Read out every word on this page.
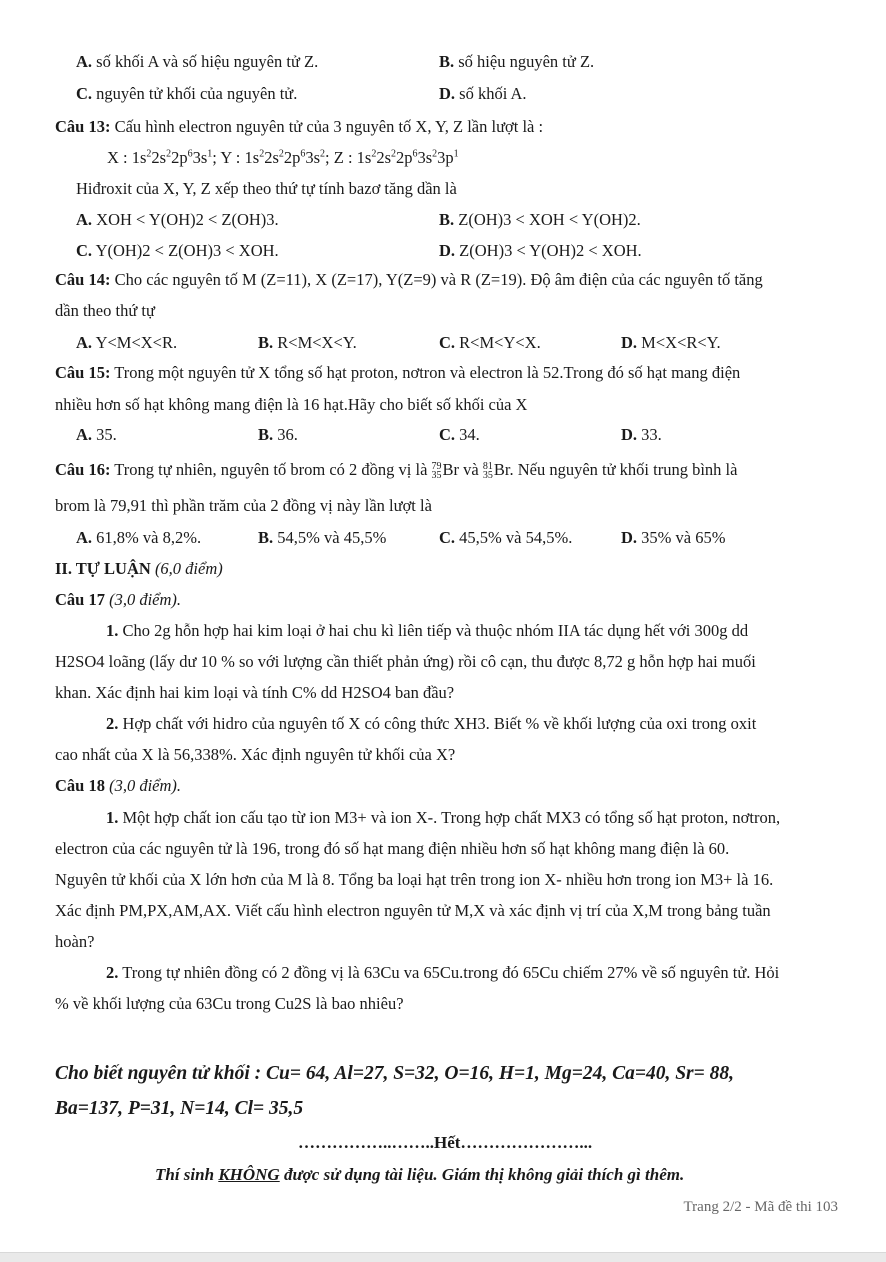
A. số khối A và số hiệu nguyên tử Z.	B. số hiệu nguyên tử Z.
C. nguyên tử khối của nguyên tử.	D. số khối A.
Câu 13: Cấu hình electron nguyên tử của 3 nguyên tố X, Y, Z lần lượt là :
X : $1s^22s^22p^63s^1$; Y : $1s^22s^22p^63s^2$; Z : $1s^22s^22p^63s^23p^1$
Hiđroxit của X, Y, Z xếp theo thứ tự tính bazơ tăng dần là
A. XOH < Y(OH)2 < Z(OH)3.	B. Z(OH)3 < XOH < Y(OH)2.
C. Y(OH)2 < Z(OH)3 < XOH.	D. Z(OH)3 < Y(OH)2 < XOH.
Câu 14: Cho các nguyên tố M (Z=11), X (Z=17), Y(Z=9) và R (Z=19). Độ âm điện của các nguyên tố tăng
dần theo thứ tự
A. Y<M<X<R.	B. R<M<X<Y.	C. R<M<Y<X.	D. M<X<R<Y.
Câu 15: Trong một nguyên tử X tổng số hạt proton, nơtron và electron là 52.Trong đó số hạt mang điện
nhiều hơn số hạt không mang điện là 16 hạt.Hãy cho biết số khối của X
A. 35.	B. 36.	C. 34.	D. 33.
Câu 16: Trong tự nhiên, nguyên tố brom có 2 đồng vị là 79
35Br và 81
35Br. Nếu nguyên tử khối trung bình là
brom là 79,91 thì phần trăm của 2 đồng vị này lần lượt là
A. 61,8% và 8,2%.	B. 54,5% và 45,5%	C. 45,5% và 54,5%.	D. 35% và 65%
II. TỰ LUẬN (6,0 điểm)
Câu 17 (3,0 điểm).
1. Cho 2g hỗn hợp hai kim loại ở hai chu kì liên tiếp và thuộc nhóm IIA tác dụng hết với 300g dd
H2SO4 loãng (lấy dư 10 % so với lượng cần thiết phản ứng) rồi cô cạn, thu được 8,72 g hỗn hợp hai muối
khan. Xác định hai kim loại và tính C% dd H2SO4 ban đầu?
2. Hợp chất với hidro của nguyên tố X có công thức XH3. Biết % về khối lượng của oxi trong oxit
cao nhất của X là 56,338%. Xác định nguyên tử khối của X?
Câu 18 (3,0 điểm).
1. Một hợp chất ion cấu tạo từ ion M3+ và ion X-. Trong hợp chất MX3 có tổng số hạt proton, nơtron,
electron của các nguyên tử là 196, trong đó số hạt mang điện nhiều hơn số hạt không mang điện là 60.
Nguyên tử khối của X lớn hơn của M là 8. Tổng ba loại hạt trên trong ion X- nhiều hơn trong ion M3+ là 16.
Xác định PM,PX,AM,AX. Viết cấu hình electron nguyên tử M,X và xác định vị trí của X,M trong bảng tuần
hoàn?
2. Trong tự nhiên đồng có 2 đồng vị là 63Cu va 65Cu.trong đó 65Cu chiếm 27% về số nguyên tử. Hỏi
% về khối lượng của 63Cu trong Cu2S là bao nhiêu?
Cho biết nguyên tử khối : Cu= 64, Al=27, S=32, O=16, H=1, Mg=24, Ca=40, Sr= 88,
Ba=137, P=31, N=14, Cl= 35,5
……………..……..Hết…………………...
Thí sinh KHÔNG được sử dụng tài liệu. Giám thị không giải thích gì thêm.
Trang 2/2 - Mã đề thi 103
